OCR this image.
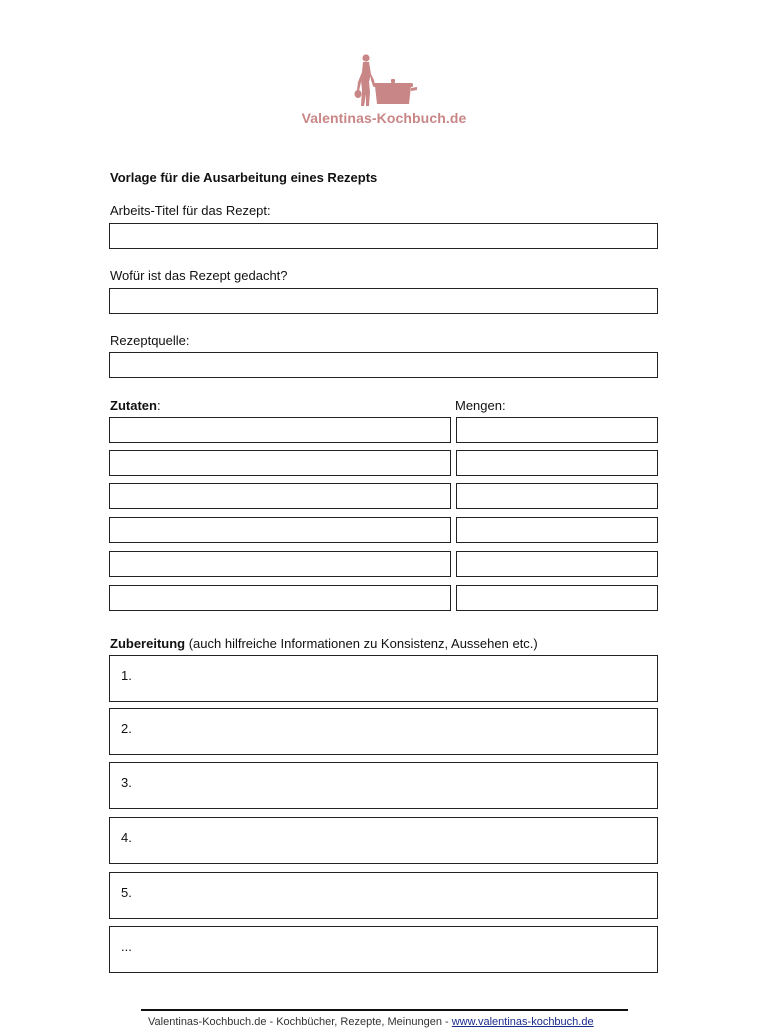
Valentinas-Kochbuch.de
Vorlage für die Ausarbeitung eines Rezepts
Arbeits-Titel für das Rezept:
Wofür ist das Rezept gedacht?
Rezeptquelle:
Zutaten:	Mengen:
Zubereitung (auch hilfreiche Informationen zu Konsistenz, Aussehen etc.)
1.
2.
3.
4.
5.
...
Valentinas-Kochbuch.de - Kochbücher, Rezepte, Meinungen - www.valentinas-kochbuch.de
